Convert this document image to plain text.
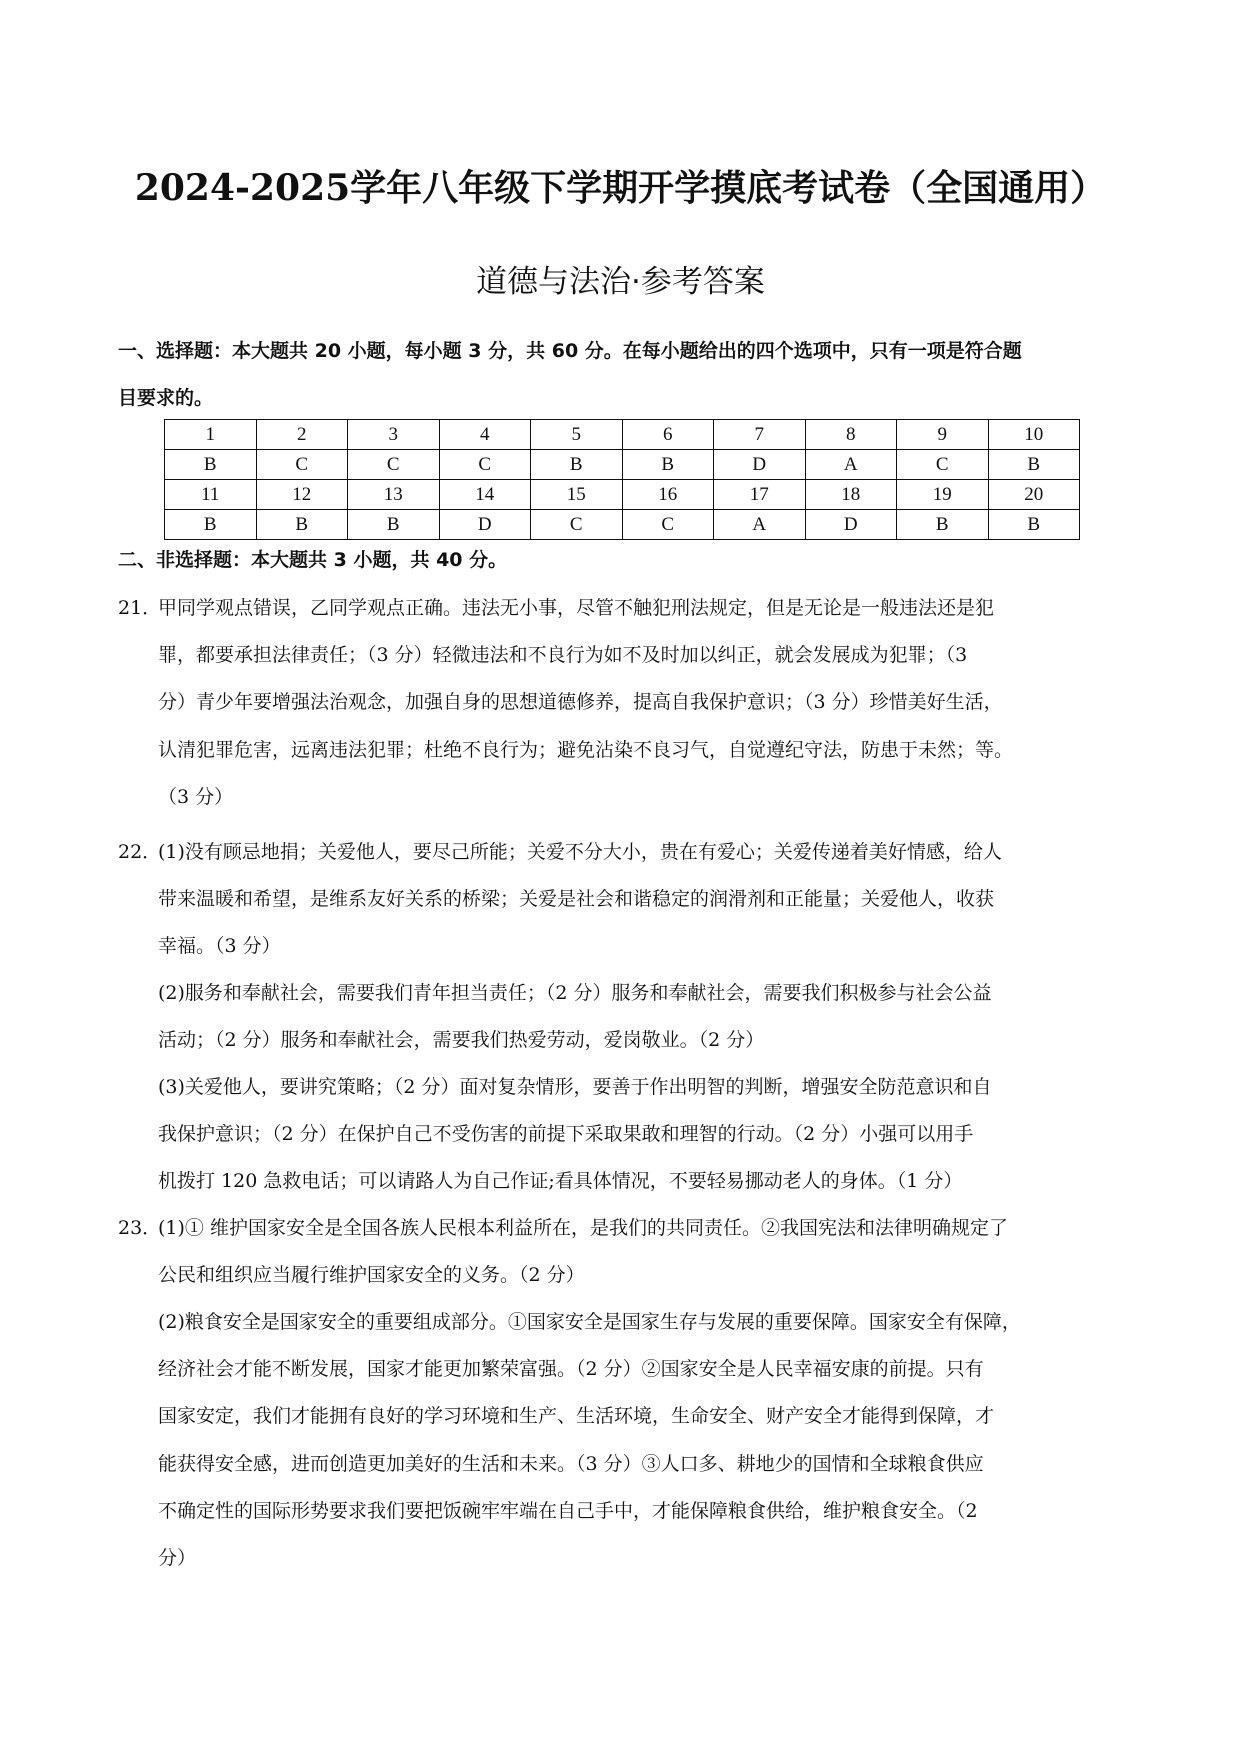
2024-2025学年八年级下学期开学摸底考试卷（全国通用）
道德与法治·参考答案
一、选择题：本大题共 20 小题，每小题 3 分，共 60 分。在每小题给出的四个选项中，只有一项是符合题
目要求的。
1	2	3	4	5	6	7	8	9	10
B	C	C	C	B	B	D	A	C	B
11	12	13	14	15	16	17	18	19	20
B	B	B	D	C	C	A	D	B	B
二、非选择题：本大题共 3 小题，共 40 分。
21．
甲同学观点错误，乙同学观点正确。违法无小事，尽管不触犯刑法规定，但是无论是一般违法还是犯
罪，都要承担法律责任；（3 分）轻微违法和不良行为如不及时加以纠正，就会发展成为犯罪；（3
分）青少年要增强法治观念，加强自身的思想道德修养，提高自我保护意识；（3 分）珍惜美好生活，
认清犯罪危害，远离违法犯罪；杜绝不良行为；避免沾染不良习气，自觉遵纪守法，防患于未然；等。
（3 分）
22．
(1)没有顾忌地捐；关爱他人，要尽己所能；关爱不分大小，贵在有爱心；关爱传递着美好情感，给人
带来温暖和希望，是维系友好关系的桥梁；关爱是社会和谐稳定的润滑剂和正能量；关爱他人，收获
幸福。（3 分）
(2)服务和奉献社会，需要我们青年担当责任；（2 分）服务和奉献社会，需要我们积极参与社会公益
活动；（2 分）服务和奉献社会，需要我们热爱劳动，爱岗敬业。（2 分）
(3)关爱他人，要讲究策略；（2 分）面对复杂情形，要善于作出明智的判断，增强安全防范意识和自
我保护意识；（2 分）在保护自己不受伤害的前提下采取果敢和理智的行动。（2 分）小强可以用手
机拨打 120 急救电话；可以请路人为自己作证;看具体情况，不要轻易挪动老人的身体。（1 分）
23．
(1)① 维护国家安全是全国各族人民根本利益所在，是我们的共同责任。②我国宪法和法律明确规定了
公民和组织应当履行维护国家安全的义务。（2 分）
(2)粮食安全是国家安全的重要组成部分。①国家安全是国家生存与发展的重要保障。国家安全有保障，
经济社会才能不断发展，国家才能更加繁荣富强。（2 分）②国家安全是人民幸福安康的前提。只有
国家安定，我们才能拥有良好的学习环境和生产、生活环境，生命安全、财产安全才能得到保障，才
能获得安全感，进而创造更加美好的生活和未来。（3 分）③人口多、耕地少的国情和全球粮食供应
不确定性的国际形势要求我们要把饭碗牢牢端在自己手中，才能保障粮食供给，维护粮食安全。（2
分）
